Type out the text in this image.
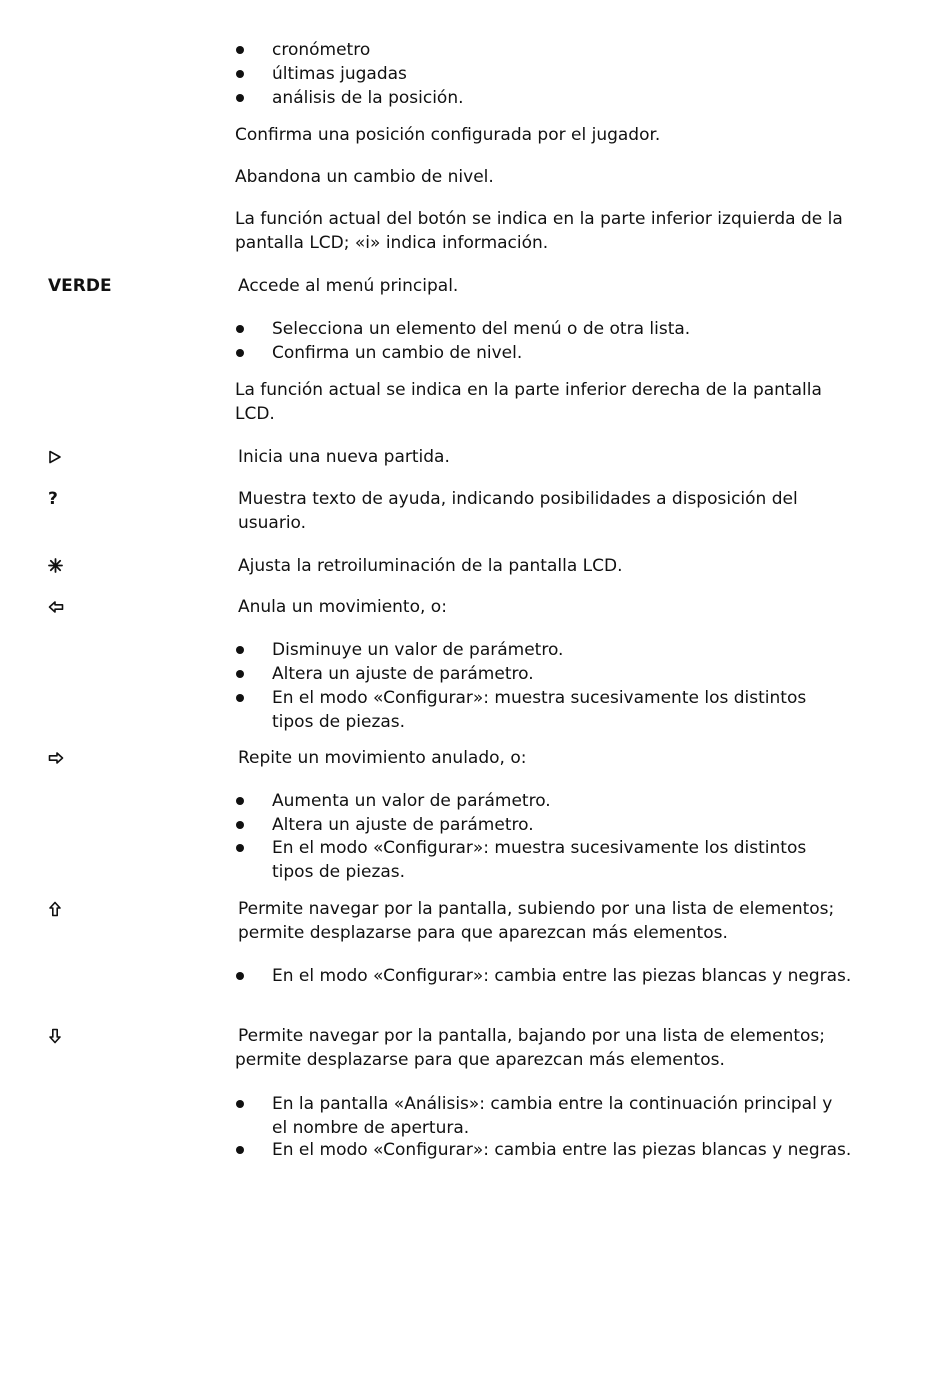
cronómetro
últimas jugadas
análisis de la posición.
Confirma una posición configurada por el jugador.
Abandona un cambio de nivel.
La función actual del botón se indica en la parte inferior izquierda de la pantalla LCD; «i» indica información.
VERDE	Accede al menú principal.
Selecciona un elemento del menú o de otra lista.
Confirma un cambio de nivel.
La función actual se indica en la parte inferior derecha de la pantalla LCD.
Inicia una nueva partida.
?	Muestra texto de ayuda, indicando posibilidades a disposición del usuario.
Ajusta la retroiluminación de la pantalla LCD.
Anula un movimiento, o:
Disminuye un valor de parámetro.
Altera un ajuste de parámetro.
En el modo «Configurar»: muestra sucesivamente los distintos tipos de piezas.
Repite un movimiento anulado, o:
Aumenta un valor de parámetro.
Altera un ajuste de parámetro.
En el modo «Configurar»: muestra sucesivamente los distintos tipos de piezas.
Permite navegar por la pantalla, subiendo por una lista de elementos; permite desplazarse para que aparezcan más elementos.
En el modo «Configurar»: cambia entre las piezas blancas y negras.
Permite navegar por la pantalla, bajando por una lista de elementos; permite desplazarse para que aparezcan más elementos.
En la pantalla «Análisis»: cambia entre la continuación principal y el nombre de apertura.
En el modo «Configurar»: cambia entre las piezas blancas y negras.
